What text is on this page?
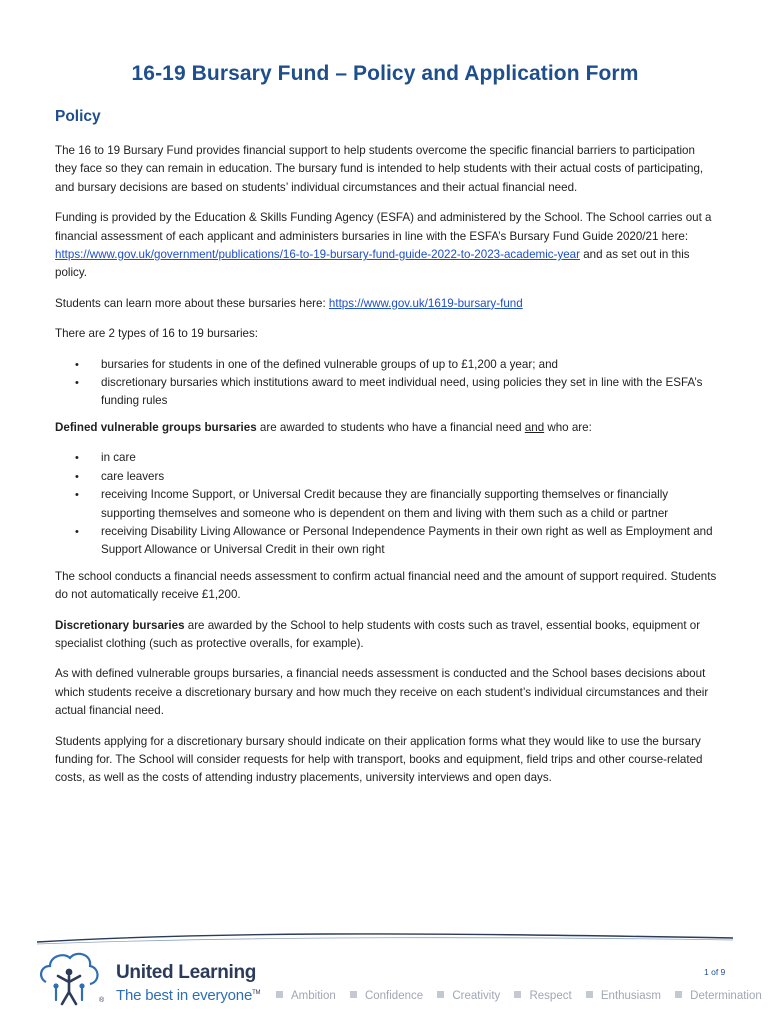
16-19 Bursary Fund – Policy and Application Form
Policy

The 16 to 19 Bursary Fund provides financial support to help students overcome the specific financial barriers to participation they face so they can remain in education. The bursary fund is intended to help students with their actual costs of participating, and bursary decisions are based on students’ individual circumstances and their actual financial need.

Funding is provided by the Education & Skills Funding Agency (ESFA) and administered by the School. The School carries out a financial assessment of each applicant and administers bursaries in line with the ESFA’s Bursary Fund Guide 2020/21 here: https://www.gov.uk/government/publications/16-to-19-bursary-fund-guide-2022-to-2023-academic-year and as set out in this policy.

Students can learn more about these bursaries here: https://www.gov.uk/1619-bursary-fund

There are 2 types of 16 to 19 bursaries:

• bursaries for students in one of the defined vulnerable groups of up to £1,200 a year; and
• discretionary bursaries which institutions award to meet individual need, using policies they set in line with the ESFA’s funding rules

Defined vulnerable groups bursaries are awarded to students who have a financial need and who are:

• in care
• care leavers
• receiving Income Support, or Universal Credit because they are financially supporting themselves or financially supporting themselves and someone who is dependent on them and living with them such as a child or partner
• receiving Disability Living Allowance or Personal Independence Payments in their own right as well as Employment and Support Allowance or Universal Credit in their own right

The school conducts a financial needs assessment to confirm actual financial need and the amount of support required. Students do not automatically receive £1,200.

Discretionary bursaries are awarded by the School to help students with costs such as travel, essential books, equipment or specialist clothing (such as protective overalls, for example).

As with defined vulnerable groups bursaries, a financial needs assessment is conducted and the School bases decisions about which students receive a discretionary bursary and how much they receive on each student’s individual circumstances and their actual financial need.

Students applying for a discretionary bursary should indicate on their application forms what they would like to use the bursary funding for. The School will consider requests for help with transport, books and equipment, field trips and other course-related costs, as well as the costs of attending industry placements, university interviews and open days.

®
United Learning
The best in everyone™
1 of 9
Ambition	Confidence	Creativity	Respect	Enthusiasm	Determination
